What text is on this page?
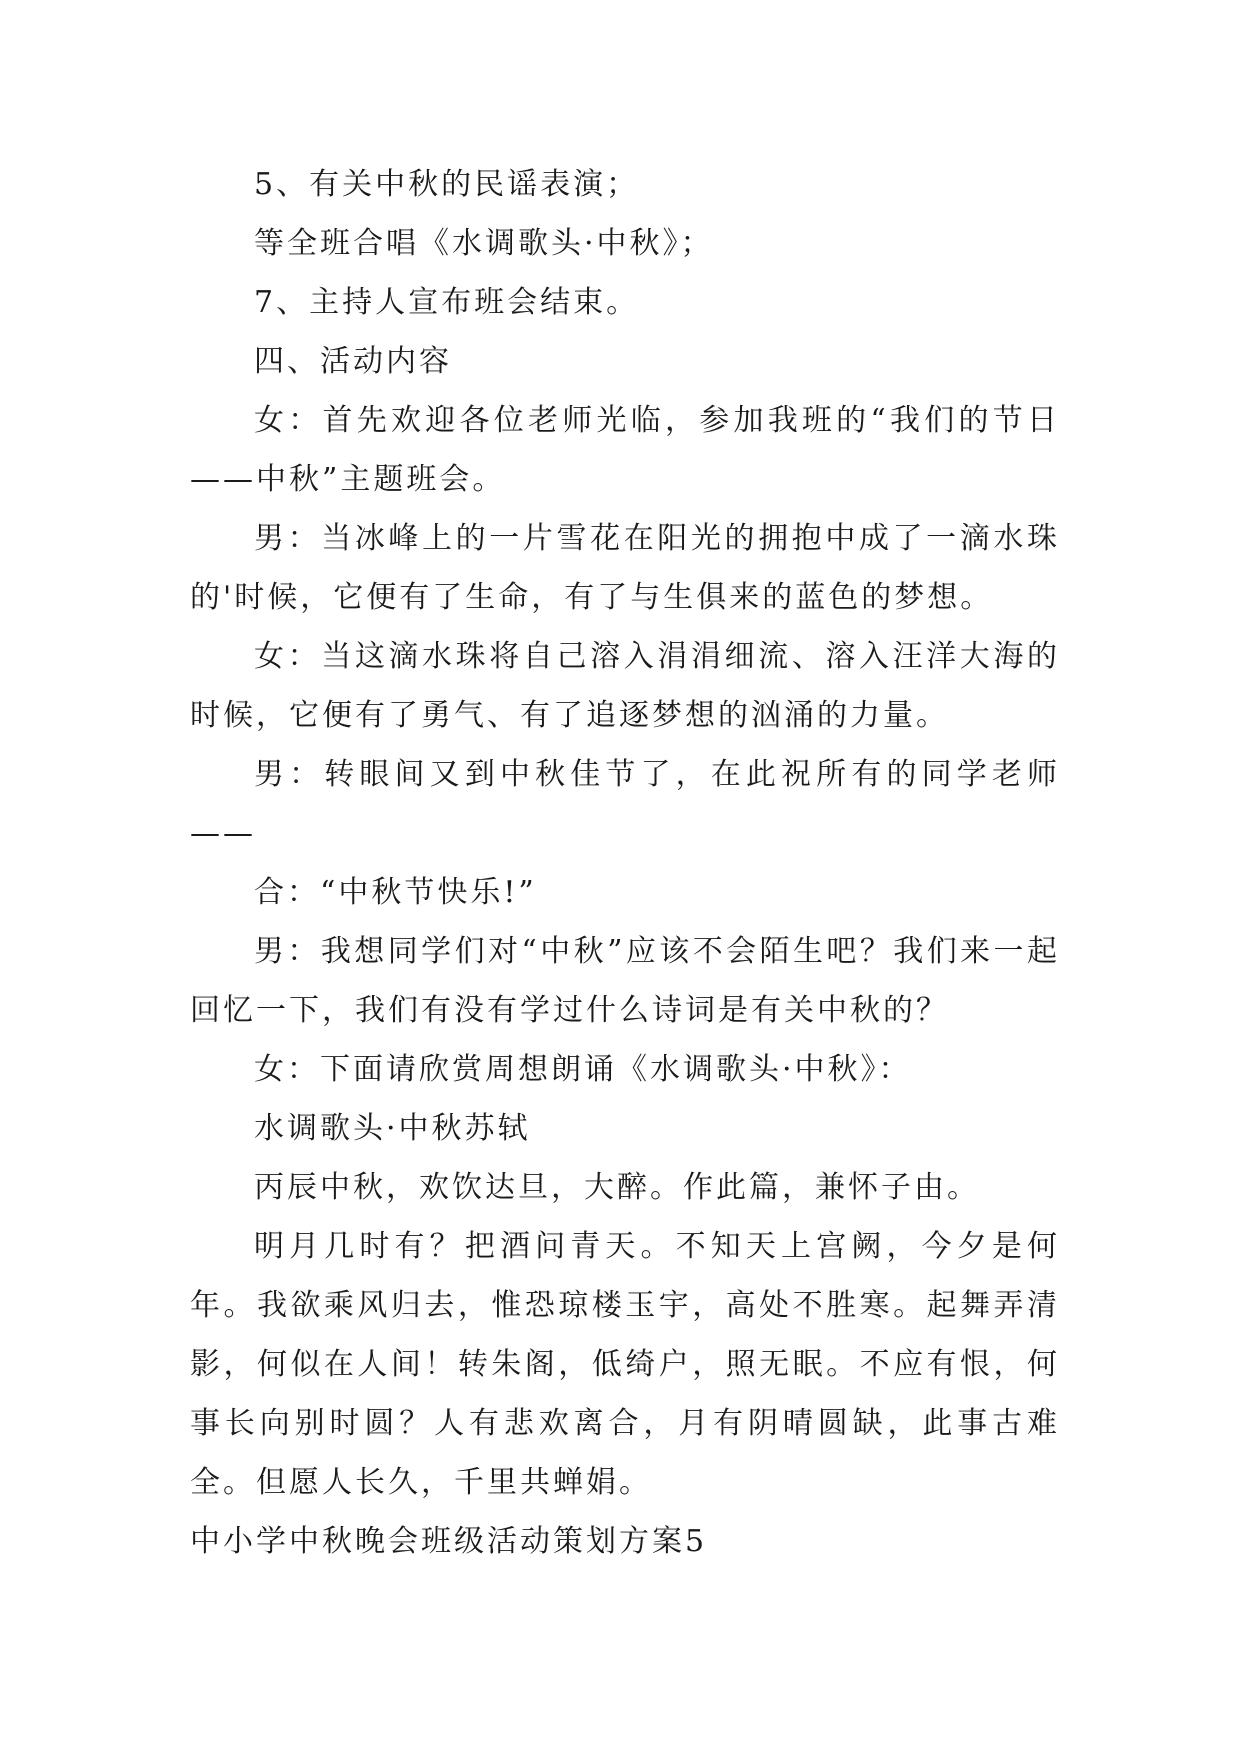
5、有关中秋的民谣表演；

等全班合唱《水调歌头·中秋》；

7、主持人宣布班会结束。

四、活动内容

女：首先欢迎各位老师光临，参加我班的“我们的节日——中秋”主题班会。

男：当冰峰上的一片雪花在阳光的拥抱中成了一滴水珠的'时候，它便有了生命，有了与生俱来的蓝色的梦想。

女：当这滴水珠将自己溶入涓涓细流、溶入汪洋大海的时候，它便有了勇气、有了追逐梦想的汹涌的力量。

男：转眼间又到中秋佳节了，在此祝所有的同学老师——

合：“中秋节快乐!”

男：我想同学们对“中秋”应该不会陌生吧？我们来一起回忆一下，我们有没有学过什么诗词是有关中秋的？

女：下面请欣赏周想朗诵《水调歌头·中秋》：

水调歌头·中秋苏轼

丙辰中秋，欢饮达旦，大醉。作此篇，兼怀子由。

明月几时有？把酒问青天。不知天上宫阙，今夕是何年。我欲乘风归去，惟恐琼楼玉宇，高处不胜寒。起舞弄清影，何似在人间！转朱阁，低绮户，照无眠。不应有恨，何事长向别时圆？人有悲欢离合，月有阴晴圆缺，此事古难全。但愿人长久，千里共蝉娟。

中小学中秋晚会班级活动策划方案5
